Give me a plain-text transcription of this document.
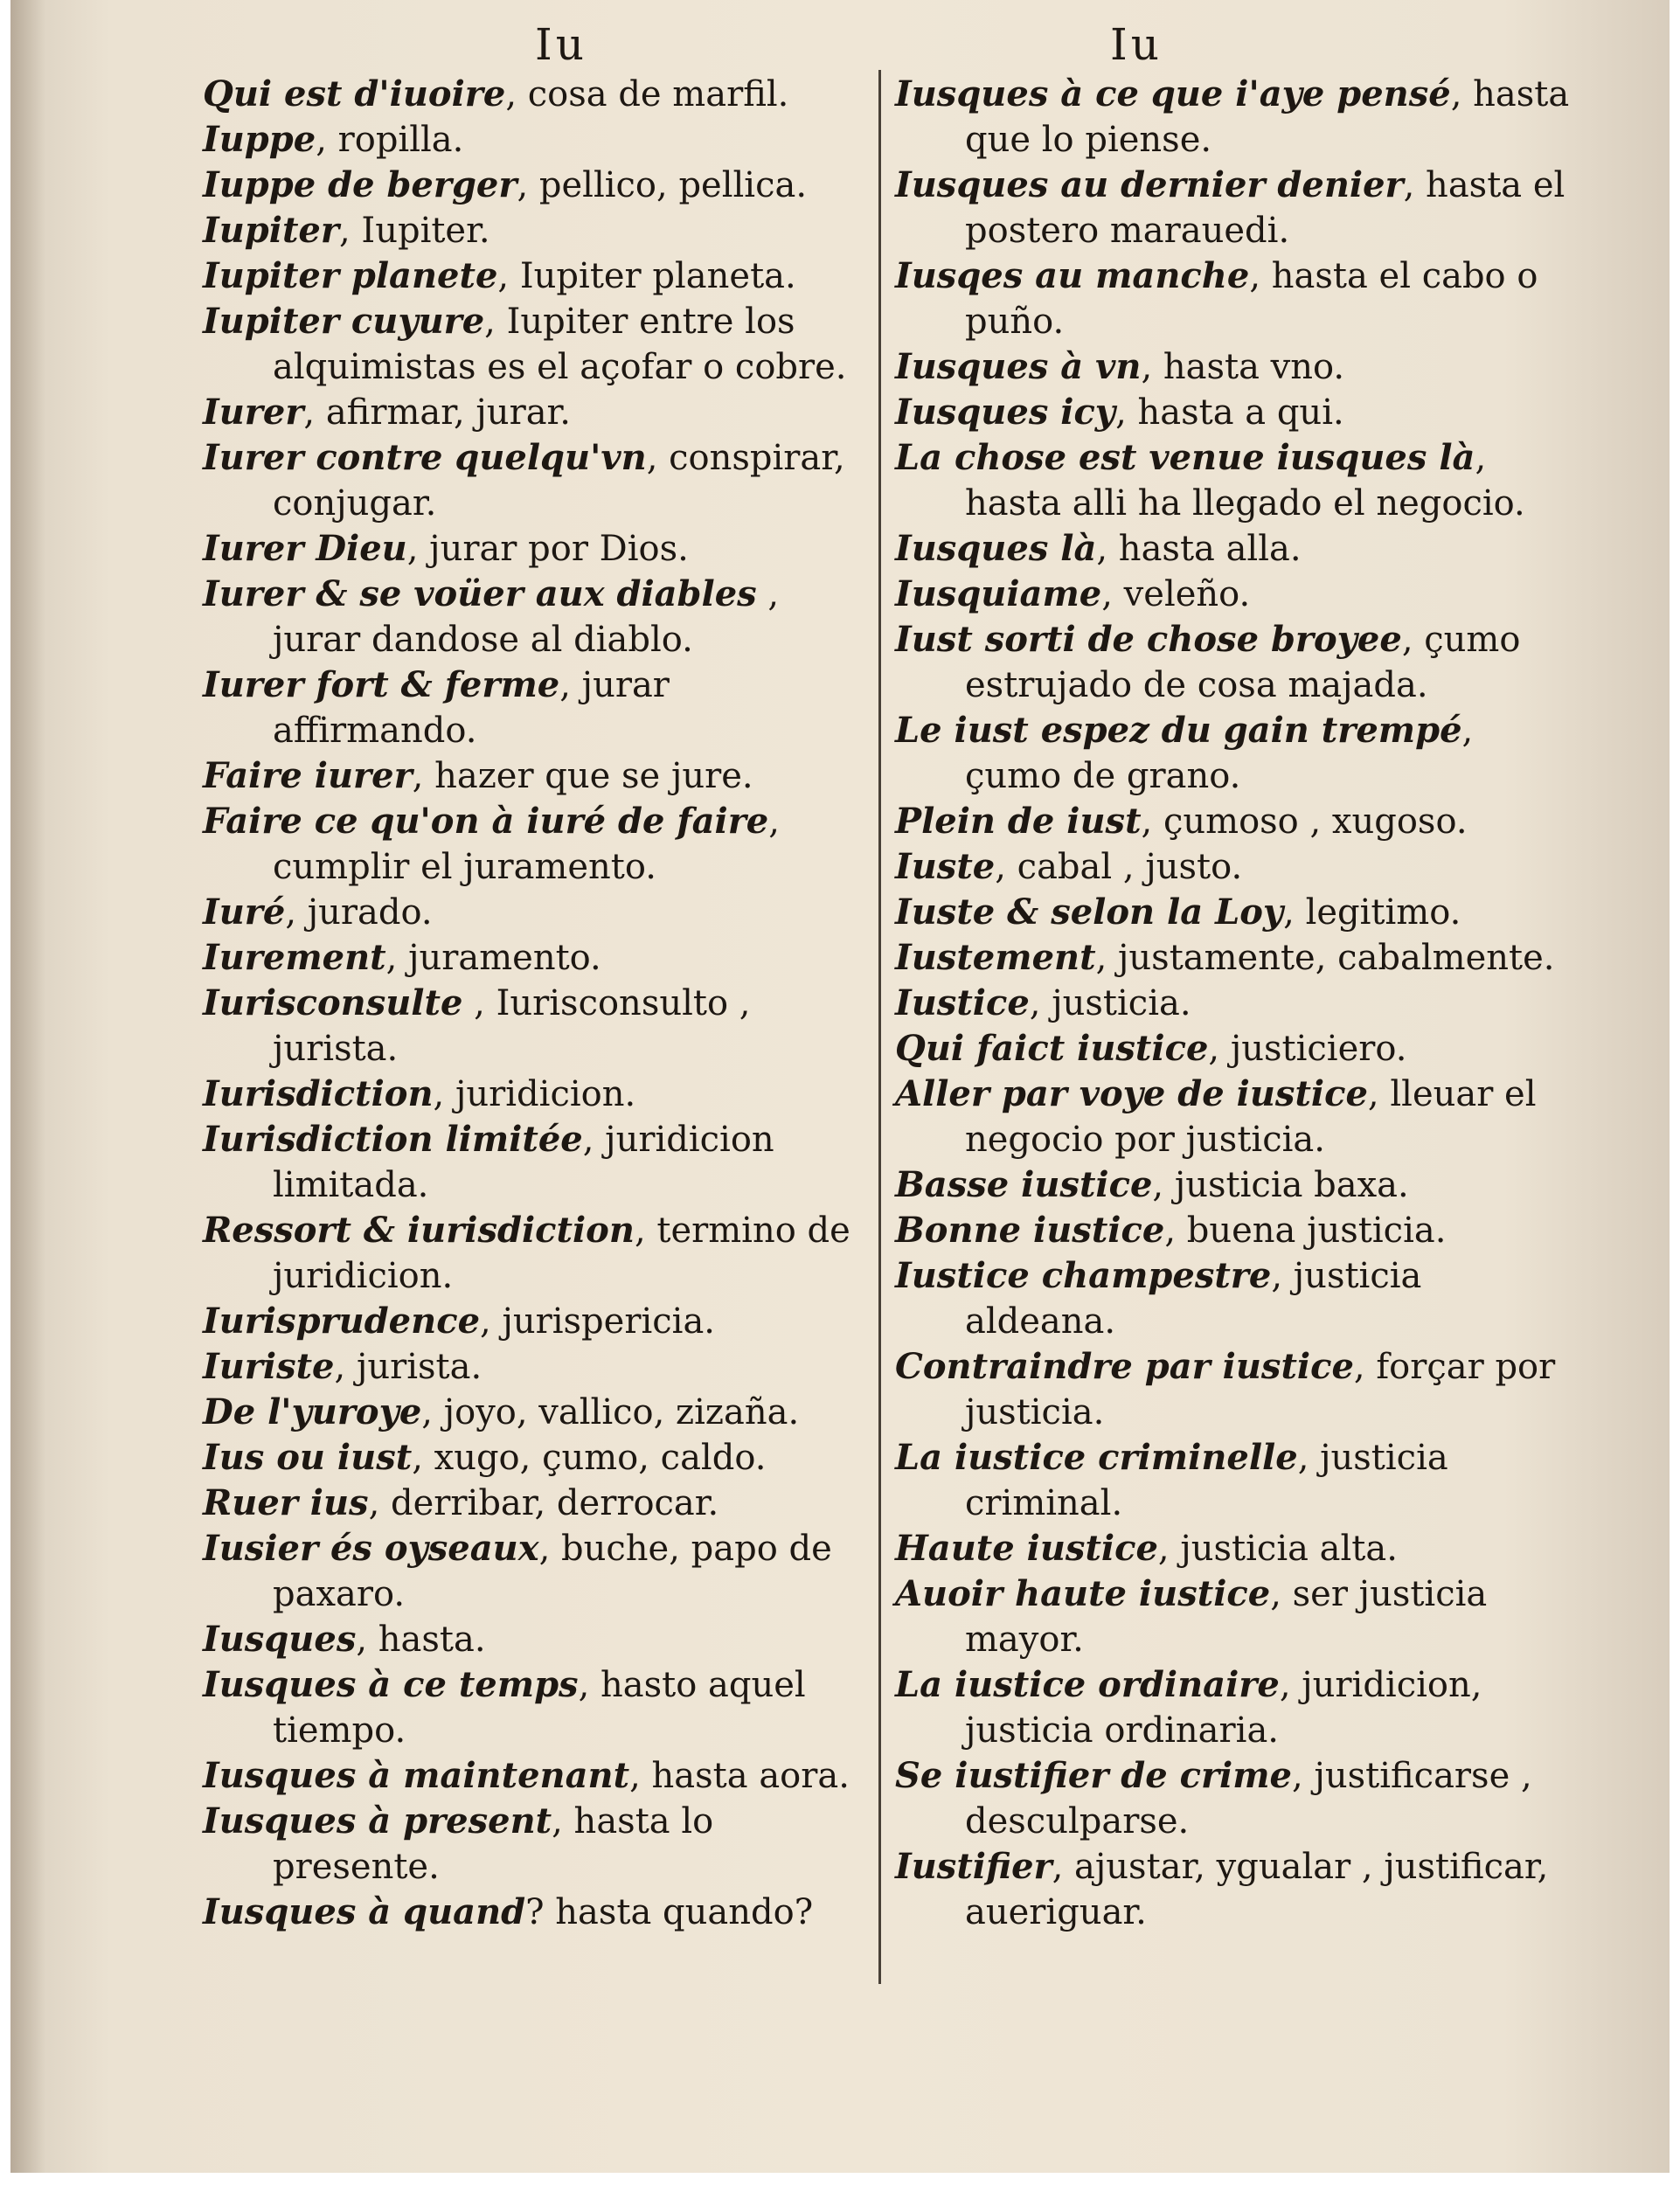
Iu	Iu
Qui est d'iuoire, cosa de marfil.
Iuppe, ropilla.
Iuppe de berger, pellico, pellica.
Iupiter, Iupiter.
Iupiter planete, Iupiter planeta.
Iupiter cuyure, Iupiter entre los alquimistas es el açofar o cobre.
Iurer, afirmar, jurar.
Iurer contre quelqu'vn, conspirar, conjugar.
Iurer Dieu, jurar por Dios.
Iurer & se voüer aux diables , jurar dandose al diablo.
Iurer fort & ferme, jurar affirmando.
Faire iurer, hazer que se jure.
Faire ce qu'on à iuré de faire, cumplir el juramento.
Iuré, jurado.
Iurement, juramento.
Iurisconsulte , Iurisconsulto , jurista.
Iurisdiction, juridicion.
Iurisdiction limitée, juridicion limitada.
Ressort & iurisdiction, termino de juridicion.
Iurisprudence, jurispericia.
Iuriste, jurista.
De l'yuroye, joyo, vallico, zizaña.
Ius ou iust, xugo, çumo, caldo.
Ruer ius, derribar, derrocar.
Iusier és oyseaux, buche, papo de paxaro.
Iusques, hasta.
Iusques à ce temps, hasto aquel tiempo.
Iusques à maintenant, hasta aora.
Iusques à present, hasta lo presente.
Iusques à quand? hasta quando?
Iusques à ce que i'aye pensé, hasta que lo piense.
Iusques au dernier denier, hasta el postero marauedi.
Iusqes au manche, hasta el cabo o puño.
Iusques à vn, hasta vno.
Iusques icy, hasta a qui.
La chose est venue iusques là, hasta alli ha llegado el negocio.
Iusques là, hasta alla.
Iusquiame, veleño.
Iust sorti de chose broyee, çumo estrujado de cosa majada.
Le iust espez du gain trempé, çumo de grano.
Plein de iust, çumoso , xugoso.
Iuste, cabal , justo.
Iuste & selon la Loy, legitimo.
Iustement, justamente, cabalmente.
Iustice, justicia.
Qui faict iustice, justiciero.
Aller par voye de iustice, lleuar el negocio por justicia.
Basse iustice, justicia baxa.
Bonne iustice, buena justicia.
Iustice champestre, justicia aldeana.
Contraindre par iustice, forçar por justicia.
La iustice criminelle, justicia criminal.
Haute iustice, justicia alta.
Auoir haute iustice, ser justicia mayor.
La iustice ordinaire, juridicion, justicia ordinaria.
Se iustifier de crime, justificarse , desculparse.
Iustifier, ajustar, ygualar , justificar, aueriguar.
